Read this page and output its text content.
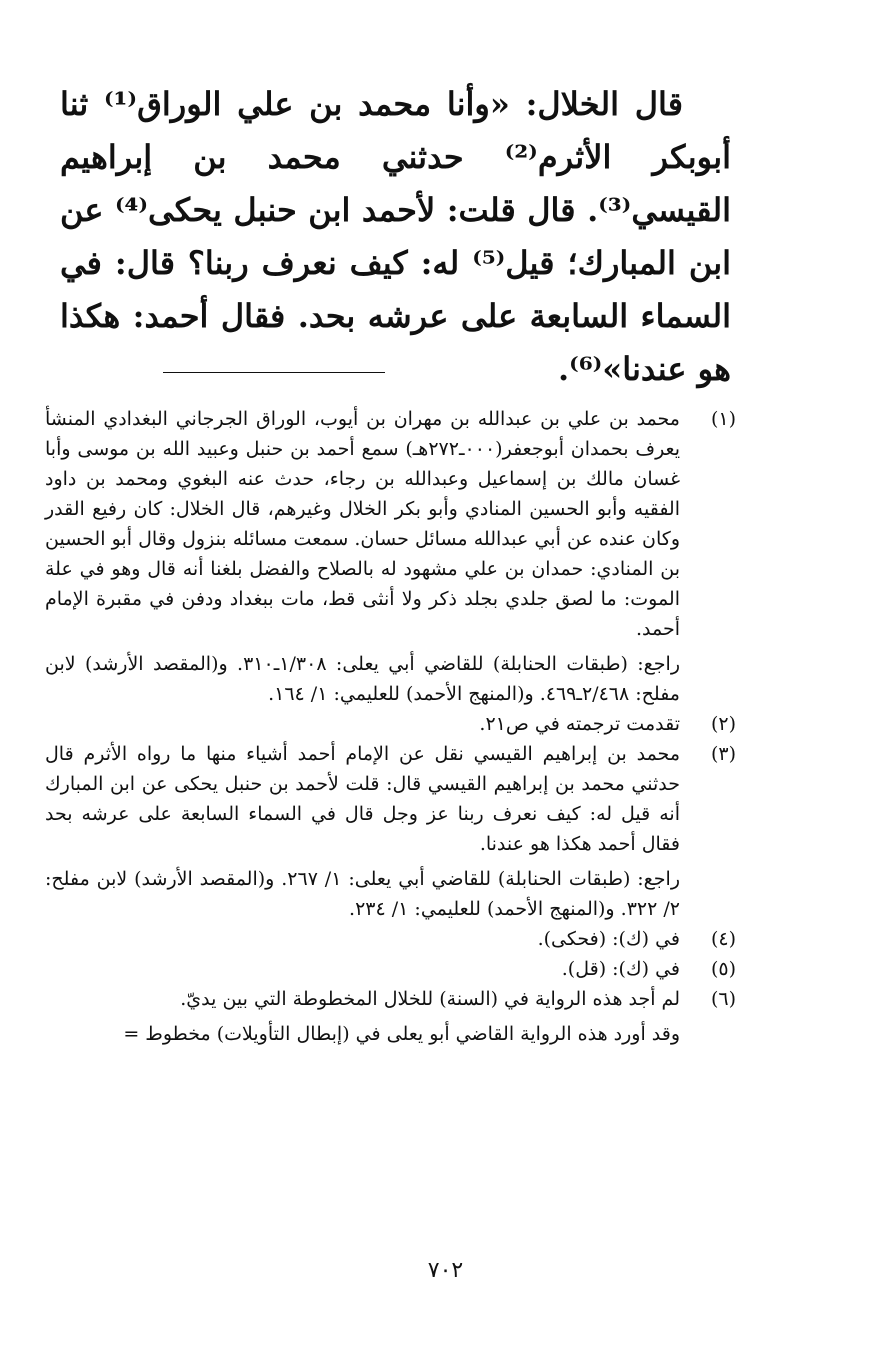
قال الخلال: «وأنا محمد بن علي الوراق⁽¹⁾ ثنا أبوبكر الأثرم⁽²⁾ حدثني محمد بن إبراهيم القيسي⁽³⁾. قال قلت: لأحمد ابن حنبل يحكى⁽⁴⁾ عن ابن المبارك؛ قيل⁽⁵⁾ له: كيف نعرف ربنا؟ قال: في السماء السابعة على عرشه بحد. فقال أحمد: هكذا هو عندنا»⁽⁶⁾.

(١)

محمد بن علي بن عبدالله بن مهران بن أيوب، الوراق الجرجاني البغدادي المنشأ يعرف بحمدان أبوجعفر(٠٠٠ـ٢٧٢هـ) سمع أحمد بن حنبل وعبيد الله بن موسى وأبا غسان مالك بن إسماعيل وعبدالله بن رجاء، حدث عنه البغوي ومحمد بن داود الفقيه وأبو الحسين المنادي وأبو بكر الخلال وغيرهم، قال الخلال: كان رفيع القدر وكان عنده عن أبي عبدالله مسائل حسان. سمعت مسائله بنزول وقال أبو الحسين بن المنادي: حمدان بن علي مشهود له بالصلاح والفضل بلغنا أنه قال وهو في علة الموت: ما لصق جلدي بجلد ذكر ولا أنثى قط، مات ببغداد ودفن في مقبرة الإمام أحمد.

راجع: (طبقات الحنابلة) للقاضي أبي يعلى: ١/٣٠٨ـ٣١٠. و(المقصد الأرشد) لابن مفلح: ٢/٤٦٨ـ٤٦٩. و(المنهج الأحمد) للعليمي: ١/ ١٦٤.

(٢)

تقدمت ترجمته في ص٢١.

(٣)

محمد بن إبراهيم القيسي نقل عن الإمام أحمد أشياء منها ما رواه الأثرم قال حدثني محمد بن إبراهيم القيسي قال: قلت لأحمد بن حنبل يحكى عن ابن المبارك أنه قيل له: كيف نعرف ربنا عز وجل قال في السماء السابعة على عرشه بحد فقال أحمد هكذا هو عندنا.

راجع: (طبقات الحنابلة) للقاضي أبي يعلى: ١/ ٢٦٧. و(المقصد الأرشد) لابن مفلح: ٢/ ٣٢٢. و(المنهج الأحمد) للعليمي: ١/ ٢٣٤.

(٤)

في (ك): (فحكى).

(٥)

في (ك): (قل).

(٦)

لم أجد هذه الرواية في (السنة) للخلال المخطوطة التي بين يديّ.

وقد أورد هذه الرواية القاضي أبو يعلى في (إبطال التأويلات) مخطوط =

٧٠٢
